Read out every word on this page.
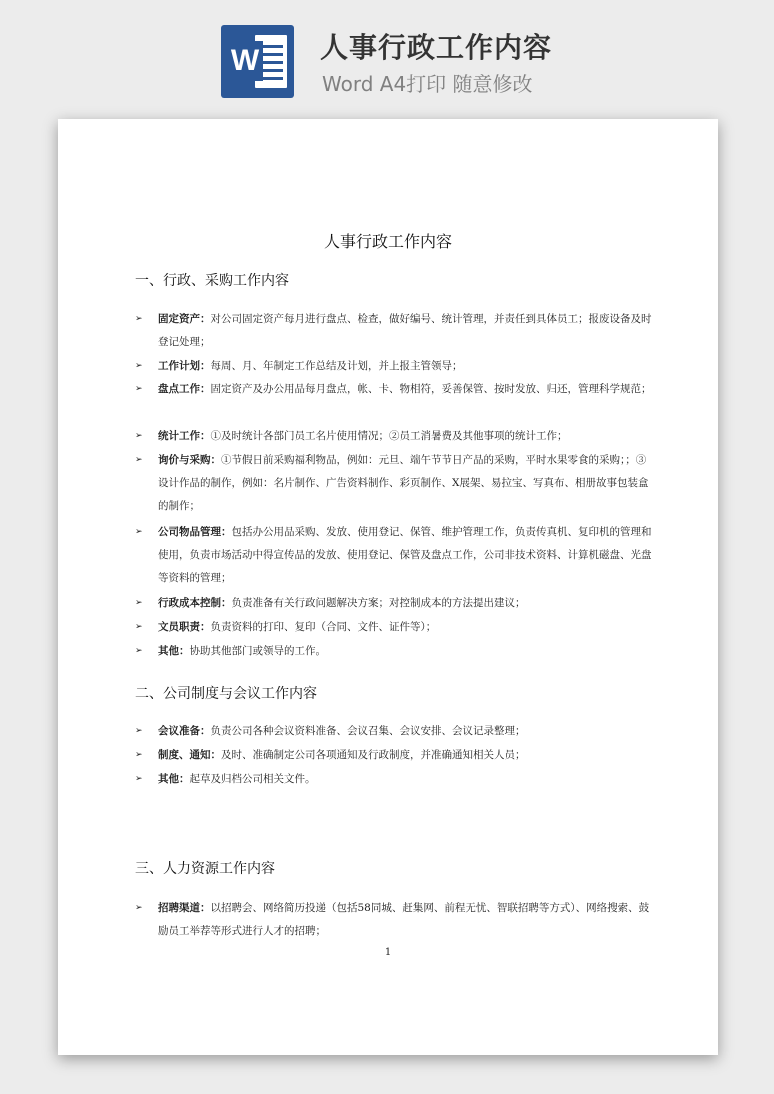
W 人事行政工作内容
Word A4打印 随意修改
人事行政工作内容
一、行政、采购工作内容
➢ 固定资产：对公司固定资产每月进行盘点、检查，做好编号、统计管理，并责任到具体员工；报废设备及时登记处理；
➢ 工作计划：每周、月、年制定工作总结及计划，并上报主管领导；
➢ 盘点工作：固定资产及办公用品每月盘点，帐、卡、物相符，妥善保管、按时发放、归还，管理科学规范；
➢ 统计工作：①及时统计各部门员工名片使用情况；②员工消暑费及其他事项的统计工作；
➢ 询价与采购：①节假日前采购福利物品，例如：元旦、端午节节日产品的采购，平时水果零食的采购；；③设计作品的制作，例如：名片制作、广告资料制作、彩页制作、X展架、易拉宝、写真布、相册故事包装盒的制作；
➢ 公司物品管理：包括办公用品采购、发放、使用登记、保管、维护管理工作，负责传真机、复印机的管理和使用，负责市场活动中得宣传品的发放、使用登记、保管及盘点工作，公司非技术资料、计算机磁盘、光盘等资料的管理；
➢ 行政成本控制：负责准备有关行政问题解决方案；对控制成本的方法提出建议；
➢ 文员职责：负责资料的打印、复印（合同、文件、证件等）；
➢ 其他：协助其他部门或领导的工作。
二、公司制度与会议工作内容
➢ 会议准备：负责公司各种会议资料准备、会议召集、会议安排、会议记录整理；
➢ 制度、通知：及时、准确制定公司各项通知及行政制度，并准确通知相关人员；
➢ 其他：起草及归档公司相关文件。
三、人力资源工作内容
➢ 招聘渠道：以招聘会、网络简历投递（包括58同城、赶集网、前程无忧、智联招聘等方式）、网络搜索、鼓励员工举荐等形式进行人才的招聘；
1
